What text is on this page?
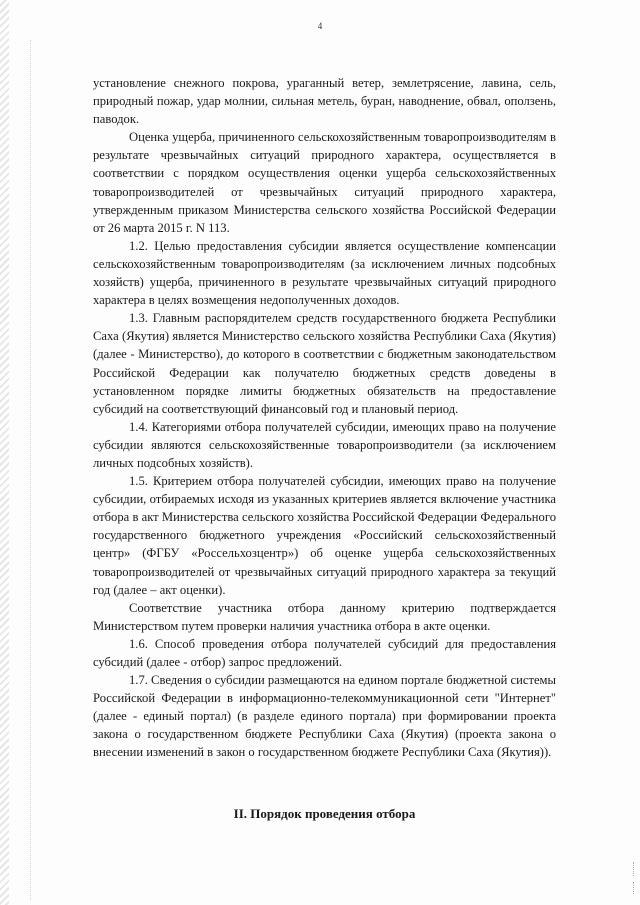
4

установление снежного покрова, ураганный ветер, землетрясение, лавина, сель, природный пожар, удар молнии, сильная метель, буран, наводнение, обвал, оползень, паводок.

Оценка ущерба, причиненного сельскохозяйственным товаропроизводителям в результате чрезвычайных ситуаций природного характера, осуществляется в соответствии с порядком осуществления оценки ущерба сельскохозяйственных товаропроизводителей от чрезвычайных ситуаций природного характера, утвержденным приказом Министерства сельского хозяйства Российской Федерации от 26 марта 2015 г. N 113.

1.2. Целью предоставления субсидии является осуществление компенсации сельскохозяйственным товаропроизводителям (за исключением личных подсобных хозяйств) ущерба, причиненного в результате чрезвычайных ситуаций природного характера в целях возмещения недополученных доходов.

1.3. Главным распорядителем средств государственного бюджета Республики Саха (Якутия) является Министерство сельского хозяйства Республики Саха (Якутия) (далее - Министерство), до которого в соответствии с бюджетным законодательством Российской Федерации как получателю бюджетных средств доведены в установленном порядке лимиты бюджетных обязательств на предоставление субсидий на соответствующий финансовый год и плановый период.

1.4. Категориями отбора получателей субсидии, имеющих право на получение субсидии являются сельскохозяйственные товаропроизводители (за исключением личных подсобных хозяйств).

1.5. Критерием отбора получателей субсидии, имеющих право на получение субсидии, отбираемых исходя из указанных критериев является включение участника отбора в акт Министерства сельского хозяйства Российской Федерации Федерального государственного бюджетного учреждения «Российский сельскохозяйственный центр» (ФГБУ «Россельхозцентр») об оценке ущерба сельскохозяйственных товаропроизводителей от чрезвычайных ситуаций природного характера за текущий год (далее – акт оценки).

Соответствие участника отбора данному критерию подтверждается Министерством путем проверки наличия участника отбора в акте оценки.

1.6. Способ проведения отбора получателей субсидий для предоставления субсидий (далее - отбор) запрос предложений.

1.7. Сведения о субсидии размещаются на едином портале бюджетной системы Российской Федерации в информационно-телекоммуникационной сети "Интернет" (далее - единый портал) (в разделе единого портала) при формировании проекта закона о государственном бюджете Республики Саха (Якутия) (проекта закона о внесении изменений в закон о государственном бюджете Республики Саха (Якутия)).

II. Порядок проведения отбора
